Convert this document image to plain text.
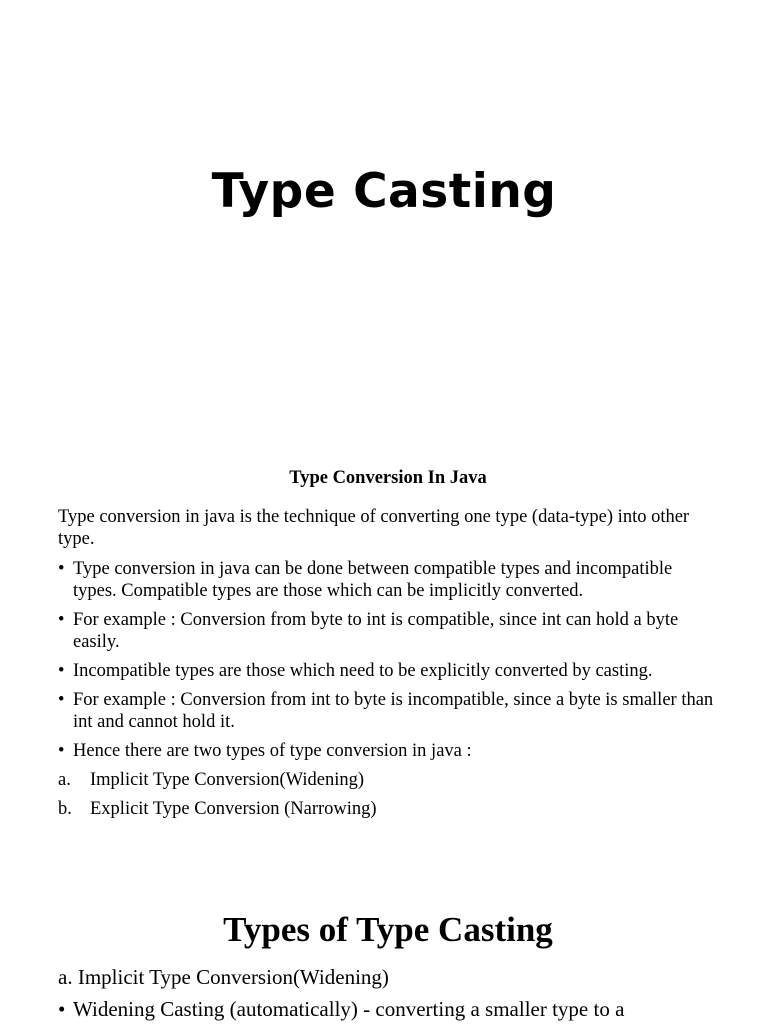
Type Casting
Type Conversion In Java
Type conversion in java is the technique of converting one type (data-type) into other type.
• Type conversion in java can be done between compatible types and incompatible types. Compatible types are those which can be implicitly converted.
• For example : Conversion from byte to int is compatible, since int can hold a byte easily.
• Incompatible types are those which need to be explicitly converted by casting.
• For example : Conversion from int to byte is incompatible, since a byte is smaller than int and cannot hold it.
• Hence there are two types of type conversion in java :
a. Implicit Type Conversion(Widening)
b. Explicit Type Conversion (Narrowing)
Types of Type Casting
a. Implicit Type Conversion(Widening)
• Widening Casting (automatically) - converting a smaller type to a
